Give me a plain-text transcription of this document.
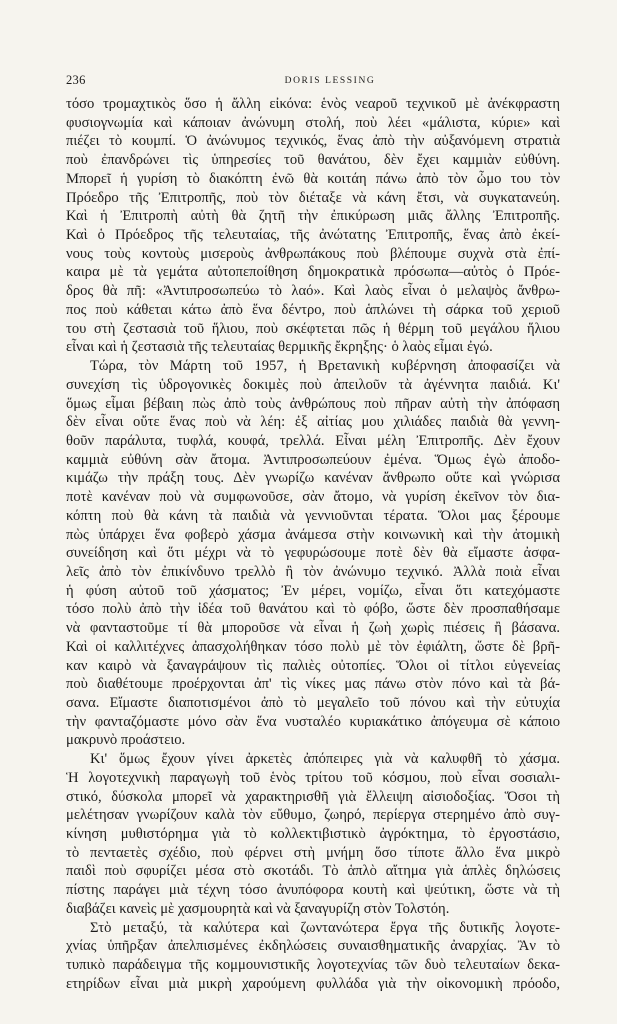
236	DORIS LESSING
τόσο τρομαχτικὸς ὅσο ἡ ἄλλη εἰκόνα: ἑνὸς νεαροῦ τεχνικοῦ μὲ ἀνέκφραστη
φυσιογνωμία καὶ κάποιαν ἀνώνυμη στολή, ποὺ λέει «μάλιστα, κύριε» καὶ
πιέζει τὸ κουμπί. Ὁ ἀνώνυμος τεχνικός, ἕνας ἀπὸ τὴν αὐξανόμενη στρατιὰ
ποὺ ἐπανδρώνει τὶς ὑπηρεσίες τοῦ θανάτου, δὲν ἔχει καμμιὰν εὐθύνη.
Μπορεῖ ἡ γυρίση τὸ διακόπτη ἐνῶ θὰ κοιτάη πάνω ἀπὸ τὸν ὦμο του τὸν
Πρόεδρο τῆς Ἐπιτροπῆς, ποὺ τὸν διέταξε νὰ κάνη ἔτσι, νὰ συγκατανεύη.
Καὶ ἡ Ἐπιτροπὴ αὐτὴ θὰ ζητῆ τὴν ἐπικύρωση μιᾶς ἄλλης Ἐπιτροπῆς.
Καὶ ὁ Πρόεδρος τῆς τελευταίας, τῆς ἀνώτατης Ἐπιτροπῆς, ἕνας ἀπὸ ἐκεί-
νους τοὺς κοντοὺς μισεροὺς ἀνθρωπάκους ποὺ βλέπουμε συχνὰ στὰ ἐπί-
καιρα μὲ τὰ γεμάτα αὐτοπεποίθηση δημοκρατικὰ πρόσωπα—αὐτὸς ὁ Πρόε-
δρος θὰ πῆ: «Ἀντιπροσωπεύω τὸ λαό». Καὶ λαὸς εἶναι ὁ μελαψὸς ἄνθρω-
πος ποὺ κάθεται κάτω ἀπὸ ἕνα δέντρο, ποὺ ἁπλώνει τὴ σάρκα τοῦ χεριοῦ
του στὴ ζεστασιὰ τοῦ ἥλιου, ποὺ σκέφτεται πῶς ἡ θέρμη τοῦ μεγάλου ἥλιου
εἶναι καὶ ἡ ζεστασιὰ τῆς τελευταίας θερμικῆς ἔκρηξης· ὁ λαὸς εἶμαι ἐγώ.
Τώρα, τὸν Μάρτη τοῦ 1957, ἡ Βρετανικὴ κυβέρνηση ἀποφασίζει νὰ
συνεχίση τὶς ὑδρογονικὲς δοκιμὲς ποὺ ἀπειλοῦν τὰ ἀγέννητα παιδιά. Κι'
ὅμως εἶμαι βέβαιη πὼς ἀπὸ τοὺς ἀνθρώπους ποὺ πῆραν αὐτὴ τὴν ἀπόφαση
δὲν εἶναι οὔτε ἕνας ποὺ νὰ λέη: ἐξ αἰτίας μου χιλιάδες παιδιὰ θὰ γεννη-
θοῦν παράλυτα, τυφλά, κουφά, τρελλά. Εἶναι μέλη Ἐπιτροπῆς. Δὲν ἔχουν
καμμιὰ εὐθύνη σὰν ἄτομα. Ἀντιπροσωπεύουν ἐμένα. Ὅμως ἐγὼ ἀποδο-
κιμάζω τὴν πράξη τους. Δὲν γνωρίζω κανέναν ἄνθρωπο οὔτε καὶ γνώρισα
ποτὲ κανέναν ποὺ νὰ συμφωνοῦσε, σὰν ἄτομο, νὰ γυρίση ἐκεῖνον τὸν δια-
κόπτη ποὺ θὰ κάνη τὰ παιδιὰ νὰ γεννιοῦνται τέρατα. Ὅλοι μας ξέρουμε
πὼς ὑπάρχει ἕνα φοβερὸ χάσμα ἀνάμεσα στὴν κοινωνικὴ καὶ τὴν ἀτομικὴ
συνείδηση καὶ ὅτι μέχρι νὰ τὸ γεφυρώσουμε ποτὲ δὲν θὰ εἴμαστε ἀσφα-
λεῖς ἀπὸ τὸν ἐπικίνδυνο τρελλὸ ἢ τὸν ἀνώνυμο τεχνικό. Ἀλλὰ ποιὰ εἶναι
ἡ φύση αὐτοῦ τοῦ χάσματος; Ἐν μέρει, νομίζω, εἶναι ὅτι κατεχόμαστε
τόσο πολὺ ἀπὸ τὴν ἰδέα τοῦ θανάτου καὶ τὸ φόβο, ὥστε δὲν προσπαθήσαμε
νὰ φανταστοῦμε τί θὰ μποροῦσε νὰ εἶναι ἡ ζωὴ χωρὶς πιέσεις ἢ βάσανα.
Καὶ οἱ καλλιτέχνες ἀπασχολήθηκαν τόσο πολὺ μὲ τὸν ἐφιάλτη, ὥστε δὲ βρῆ-
καν καιρὸ νὰ ξαναγράψουν τὶς παλιὲς οὐτοπίες. Ὅλοι οἱ τίτλοι εὐγενείας
ποὺ διαθέτουμε προέρχονται ἀπ' τὶς νίκες μας πάνω στὸν πόνο καὶ τὰ βά-
σανα. Εἴμαστε διαποτισμένοι ἀπὸ τὸ μεγαλεῖο τοῦ πόνου καὶ τὴν εὐτυχία
τὴν φανταζόμαστε μόνο σὰν ἕνα νυσταλέο κυριακάτικο ἀπόγευμα σὲ κάποιο
μακρυνὸ προάστειο.
Κι' ὅμως ἔχουν γίνει ἀρκετὲς ἀπόπειρες γιὰ νὰ καλυφθῆ τὸ χάσμα.
Ἡ λογοτεχνικὴ παραγωγὴ τοῦ ἑνὸς τρίτου τοῦ κόσμου, ποὺ εἶναι σοσιαλι-
στικό, δύσκολα μπορεῖ νὰ χαρακτηρισθῆ γιὰ ἔλλειψη αἰσιοδοξίας. Ὅσοι τὴ
μελέτησαν γνωρίζουν καλὰ τὸν εὔθυμο, ζωηρό, περίεργα στερημένο ἀπὸ συγ-
κίνηση μυθιστόρημα γιὰ τὸ κολλεκτιβιστικὸ ἀγρόκτημα, τὸ ἐργοστάσιο,
τὸ πενταετὲς σχέδιο, ποὺ φέρνει στὴ μνήμη ὅσο τίποτε ἄλλο ἕνα μικρὸ
παιδὶ ποὺ σφυρίζει μέσα στὸ σκοτάδι. Τὸ ἁπλὸ αἴτημα γιὰ ἁπλὲς δηλώσεις
πίστης παράγει μιὰ τέχνη τόσο ἀνυπόφορα κουτὴ καὶ ψεύτικη, ὥστε νὰ τὴ
διαβάζει κανεὶς μὲ χασμουρητὰ καὶ νὰ ξαναγυρίζη στὸν Τολστόη.
Στὸ μεταξύ, τὰ καλύτερα καὶ ζωντανώτερα ἔργα τῆς δυτικῆς λογοτε-
χνίας ὑπῆρξαν ἀπελπισμένες ἐκδηλώσεις συναισθηματικῆς ἀναρχίας. Ἂν τὸ
τυπικὸ παράδειγμα τῆς κομμουνιστικῆς λογοτεχνίας τῶν δυὸ τελευταίων δεκα-
ετηρίδων εἶναι μιὰ μικρὴ χαρούμενη φυλλάδα γιὰ τὴν οἰκονομικὴ πρόοδο,
